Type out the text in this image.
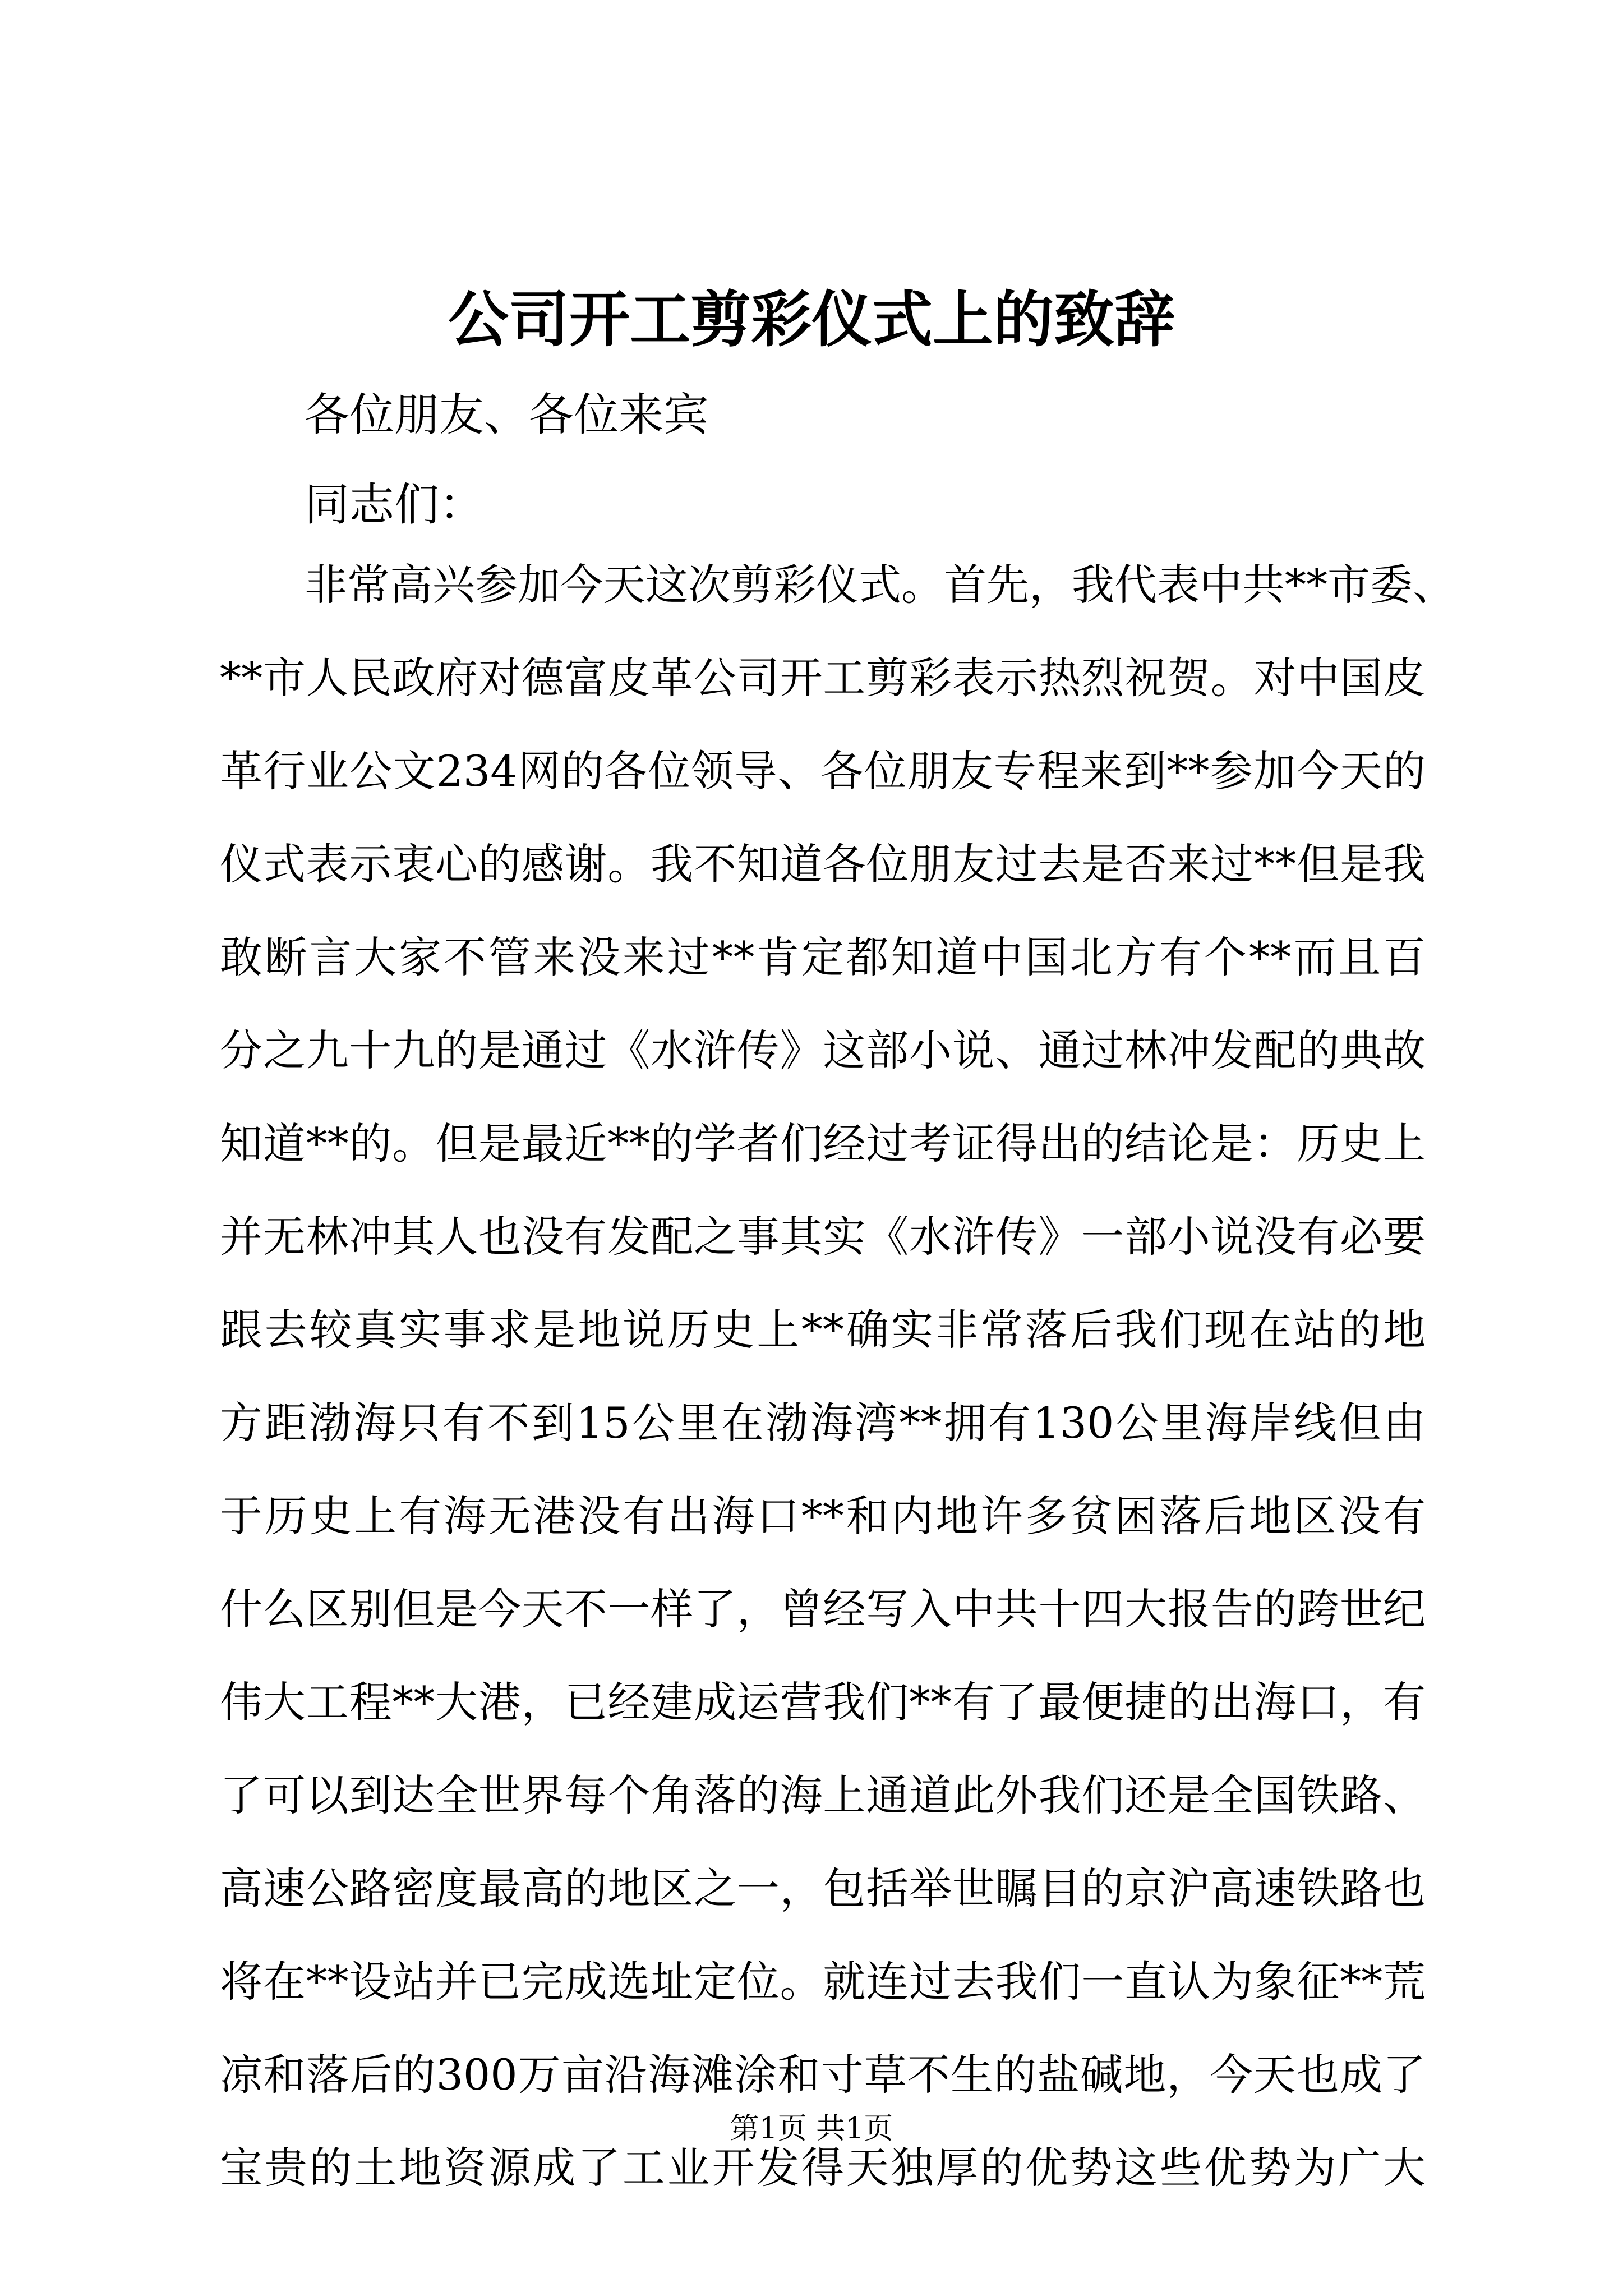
公司开工剪彩仪式上的致辞

各位朋友、各位来宾

同志们：

非常高兴参加今天这次剪彩仪式。首先，我代表中共**市委、
**市人民政府对德富皮革公司开工剪彩表示热烈祝贺。对中国皮
革行业公文234网的各位领导、各位朋友专程来到**参加今天的
仪式表示衷心的感谢。我不知道各位朋友过去是否来过**但是我
敢断言大家不管来没来过**肯定都知道中国北方有个**而且百
分之九十九的是通过《水浒传》这部小说、通过林冲发配的典故
知道**的。但是最近**的学者们经过考证得出的结论是：历史上
并无林冲其人也没有发配之事其实《水浒传》一部小说没有必要
跟去较真实事求是地说历史上**确实非常落后我们现在站的地
方距渤海只有不到15公里在渤海湾**拥有130公里海岸线但由
于历史上有海无港没有出海口**和内地许多贫困落后地区没有
什么区别但是今天不一样了，曾经写入中共十四大报告的跨世纪
伟大工程**大港，已经建成运营我们**有了最便捷的出海口，有
了可以到达全世界每个角落的海上通道此外我们还是全国铁路、
高速公路密度最高的地区之一，包括举世瞩目的京沪高速铁路也
将在**设站并已完成选址定位。就连过去我们一直认为象征**荒
凉和落后的300万亩沿海滩涂和寸草不生的盐碱地，今天也成了
宝贵的土地资源成了工业开发得天独厚的优势这些优势为广大
第1页 共1页
